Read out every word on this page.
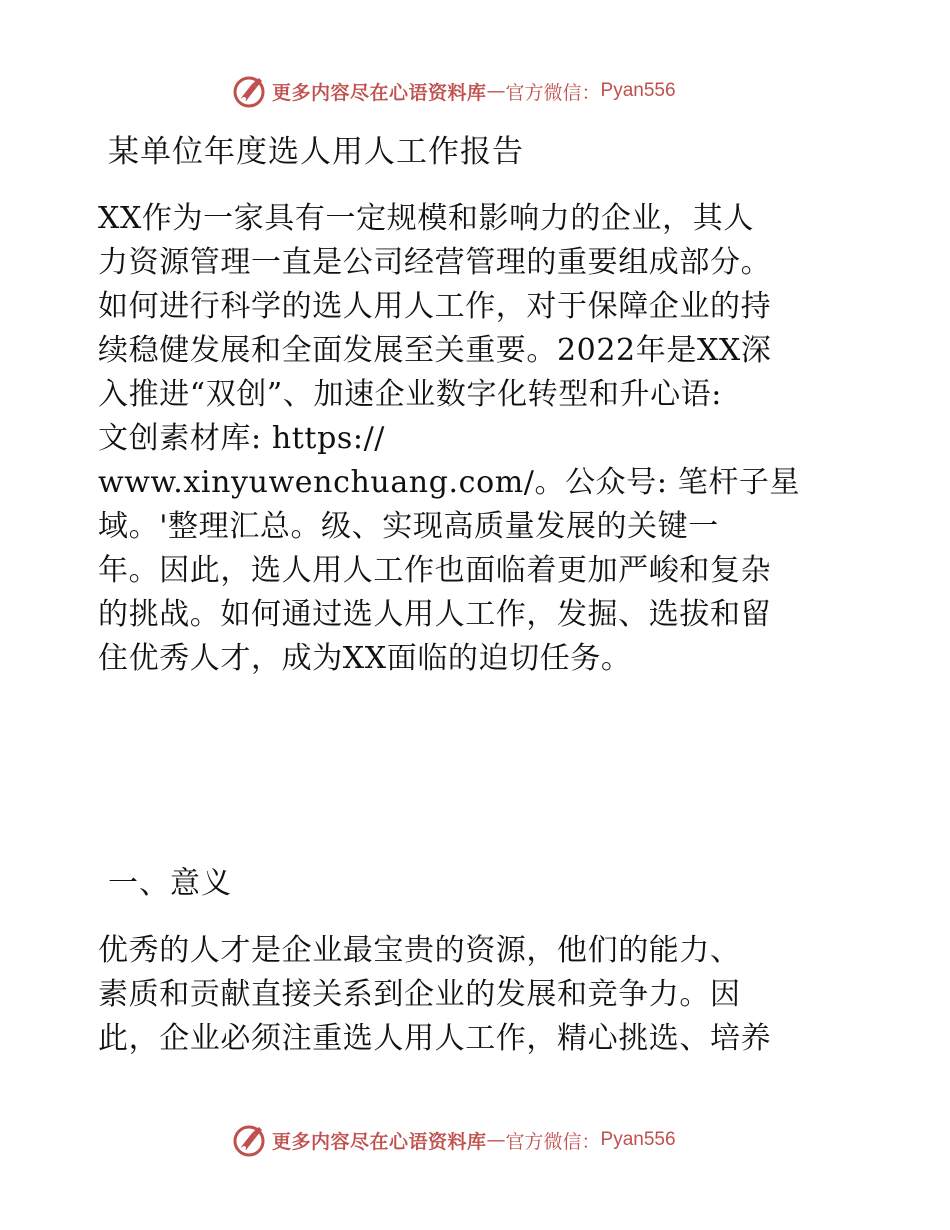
更多内容尽在心语资料库 — 官方微信： Pyan556
某单位年度选人用人工作报告
XX作为一家具有一定规模和影响力的企业，其人
力资源管理一直是公司经营管理的重要组成部分。
如何进行科学的选人用人工作，对于保障企业的持
续稳健发展和全面发展至关重要。2022年是XX深
入推进“双创”、加速企业数字化转型和升心语:
文创素材库: https://
www.xinyuwenchuang.com/。公众号: 笔杆子星
域。'整理汇总。级、实现高质量发展的关键一
年。因此，选人用人工作也面临着更加严峻和复杂
的挑战。如何通过选人用人工作，发掘、选拔和留
住优秀人才，成为XX面临的迫切任务。
一、意义
优秀的人才是企业最宝贵的资源，他们的能力、
素质和贡献直接关系到企业的发展和竞争力。因
此，企业必须注重选人用人工作，精心挑选、培养
更多内容尽在心语资料库 — 官方微信： Pyan556
